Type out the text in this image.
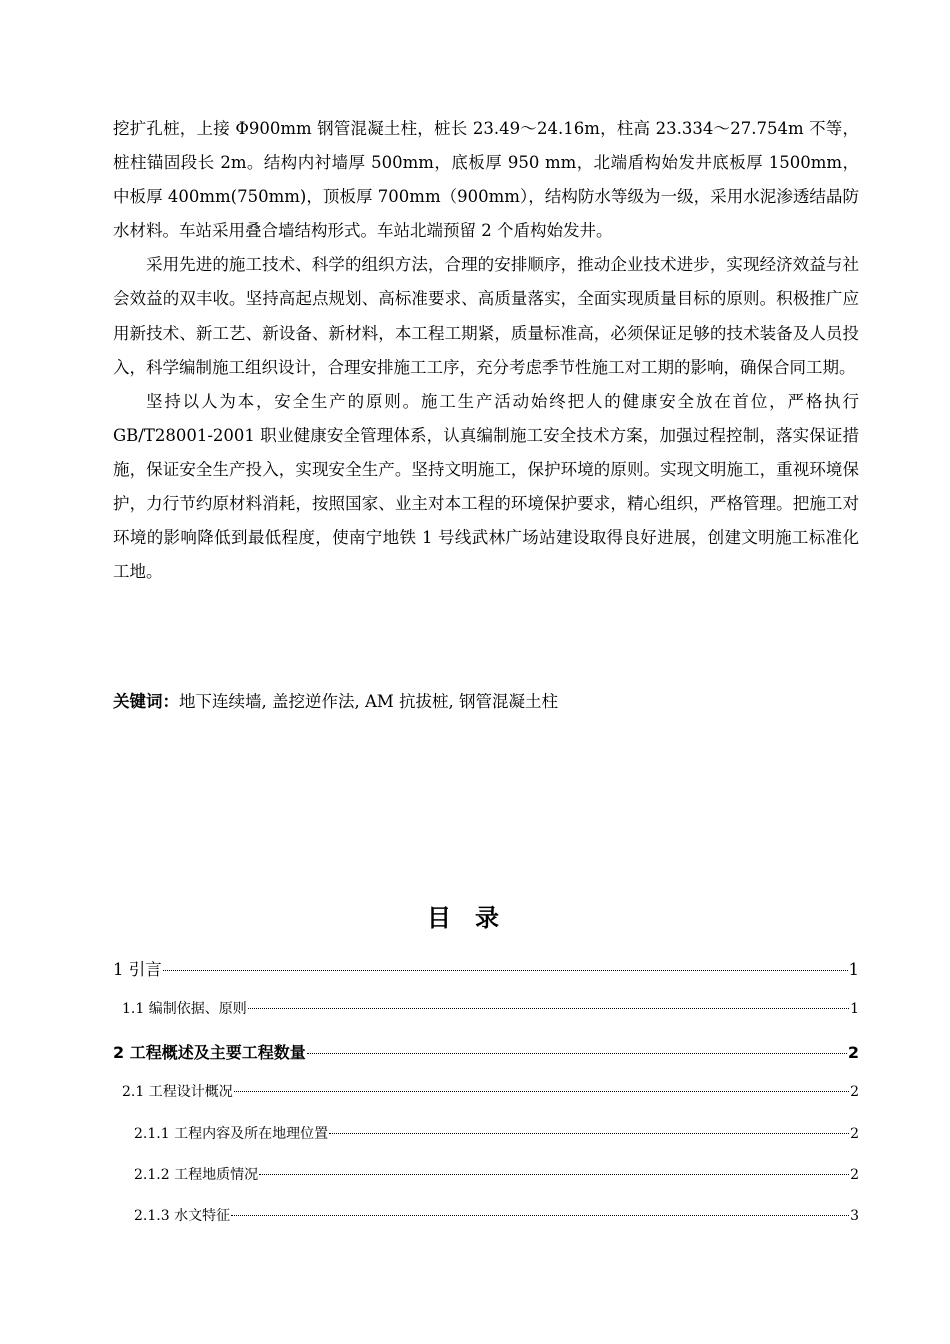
挖扩孔桩，上接 Φ900mm 钢管混凝土柱，桩长 23.49～24.16m，柱高 23.334～27.754m 不等，桩柱锚固段长 2m。结构内衬墙厚 500mm，底板厚 950 mm，北端盾构始发井底板厚 1500mm，中板厚 400mm(750mm)，顶板厚 700mm（900mm），结构防水等级为一级，采用水泥渗透结晶防水材料。车站采用叠合墙结构形式。车站北端预留 2 个盾构始发井。

采用先进的施工技术、科学的组织方法，合理的安排顺序，推动企业技术进步，实现经济效益与社会效益的双丰收。坚持高起点规划、高标准要求、高质量落实，全面实现质量目标的原则。积极推广应用新技术、新工艺、新设备、新材料，本工程工期紧，质量标准高，必须保证足够的技术装备及人员投入，科学编制施工组织设计，合理安排施工工序，充分考虑季节性施工对工期的影响，确保合同工期。

坚持以人为本，安全生产的原则。施工生产活动始终把人的健康安全放在首位，严格执行 GB/T28001-2001 职业健康安全管理体系，认真编制施工安全技术方案，加强过程控制，落实保证措施，保证安全生产投入，实现安全生产。坚持文明施工，保护环境的原则。实现文明施工，重视环境保护，力行节约原材料消耗，按照国家、业主对本工程的环境保护要求，精心组织，严格管理。把施工对环境的影响降低到最低程度，使南宁地铁 1 号线武林广场站建设取得良好进展，创建文明施工标准化工地。

关键词：地下连续墙, 盖挖逆作法, AM 抗拔桩, 钢管混凝土柱
目录
1 引言	1
1.1 编制依据、原则	1
2 工程概述及主要工程数量	2
2.1 工程设计概况	2
2.1.1 工程内容及所在地理位置	2
2.1.2 工程地质情况	2
2.1.3 水文特征	3
